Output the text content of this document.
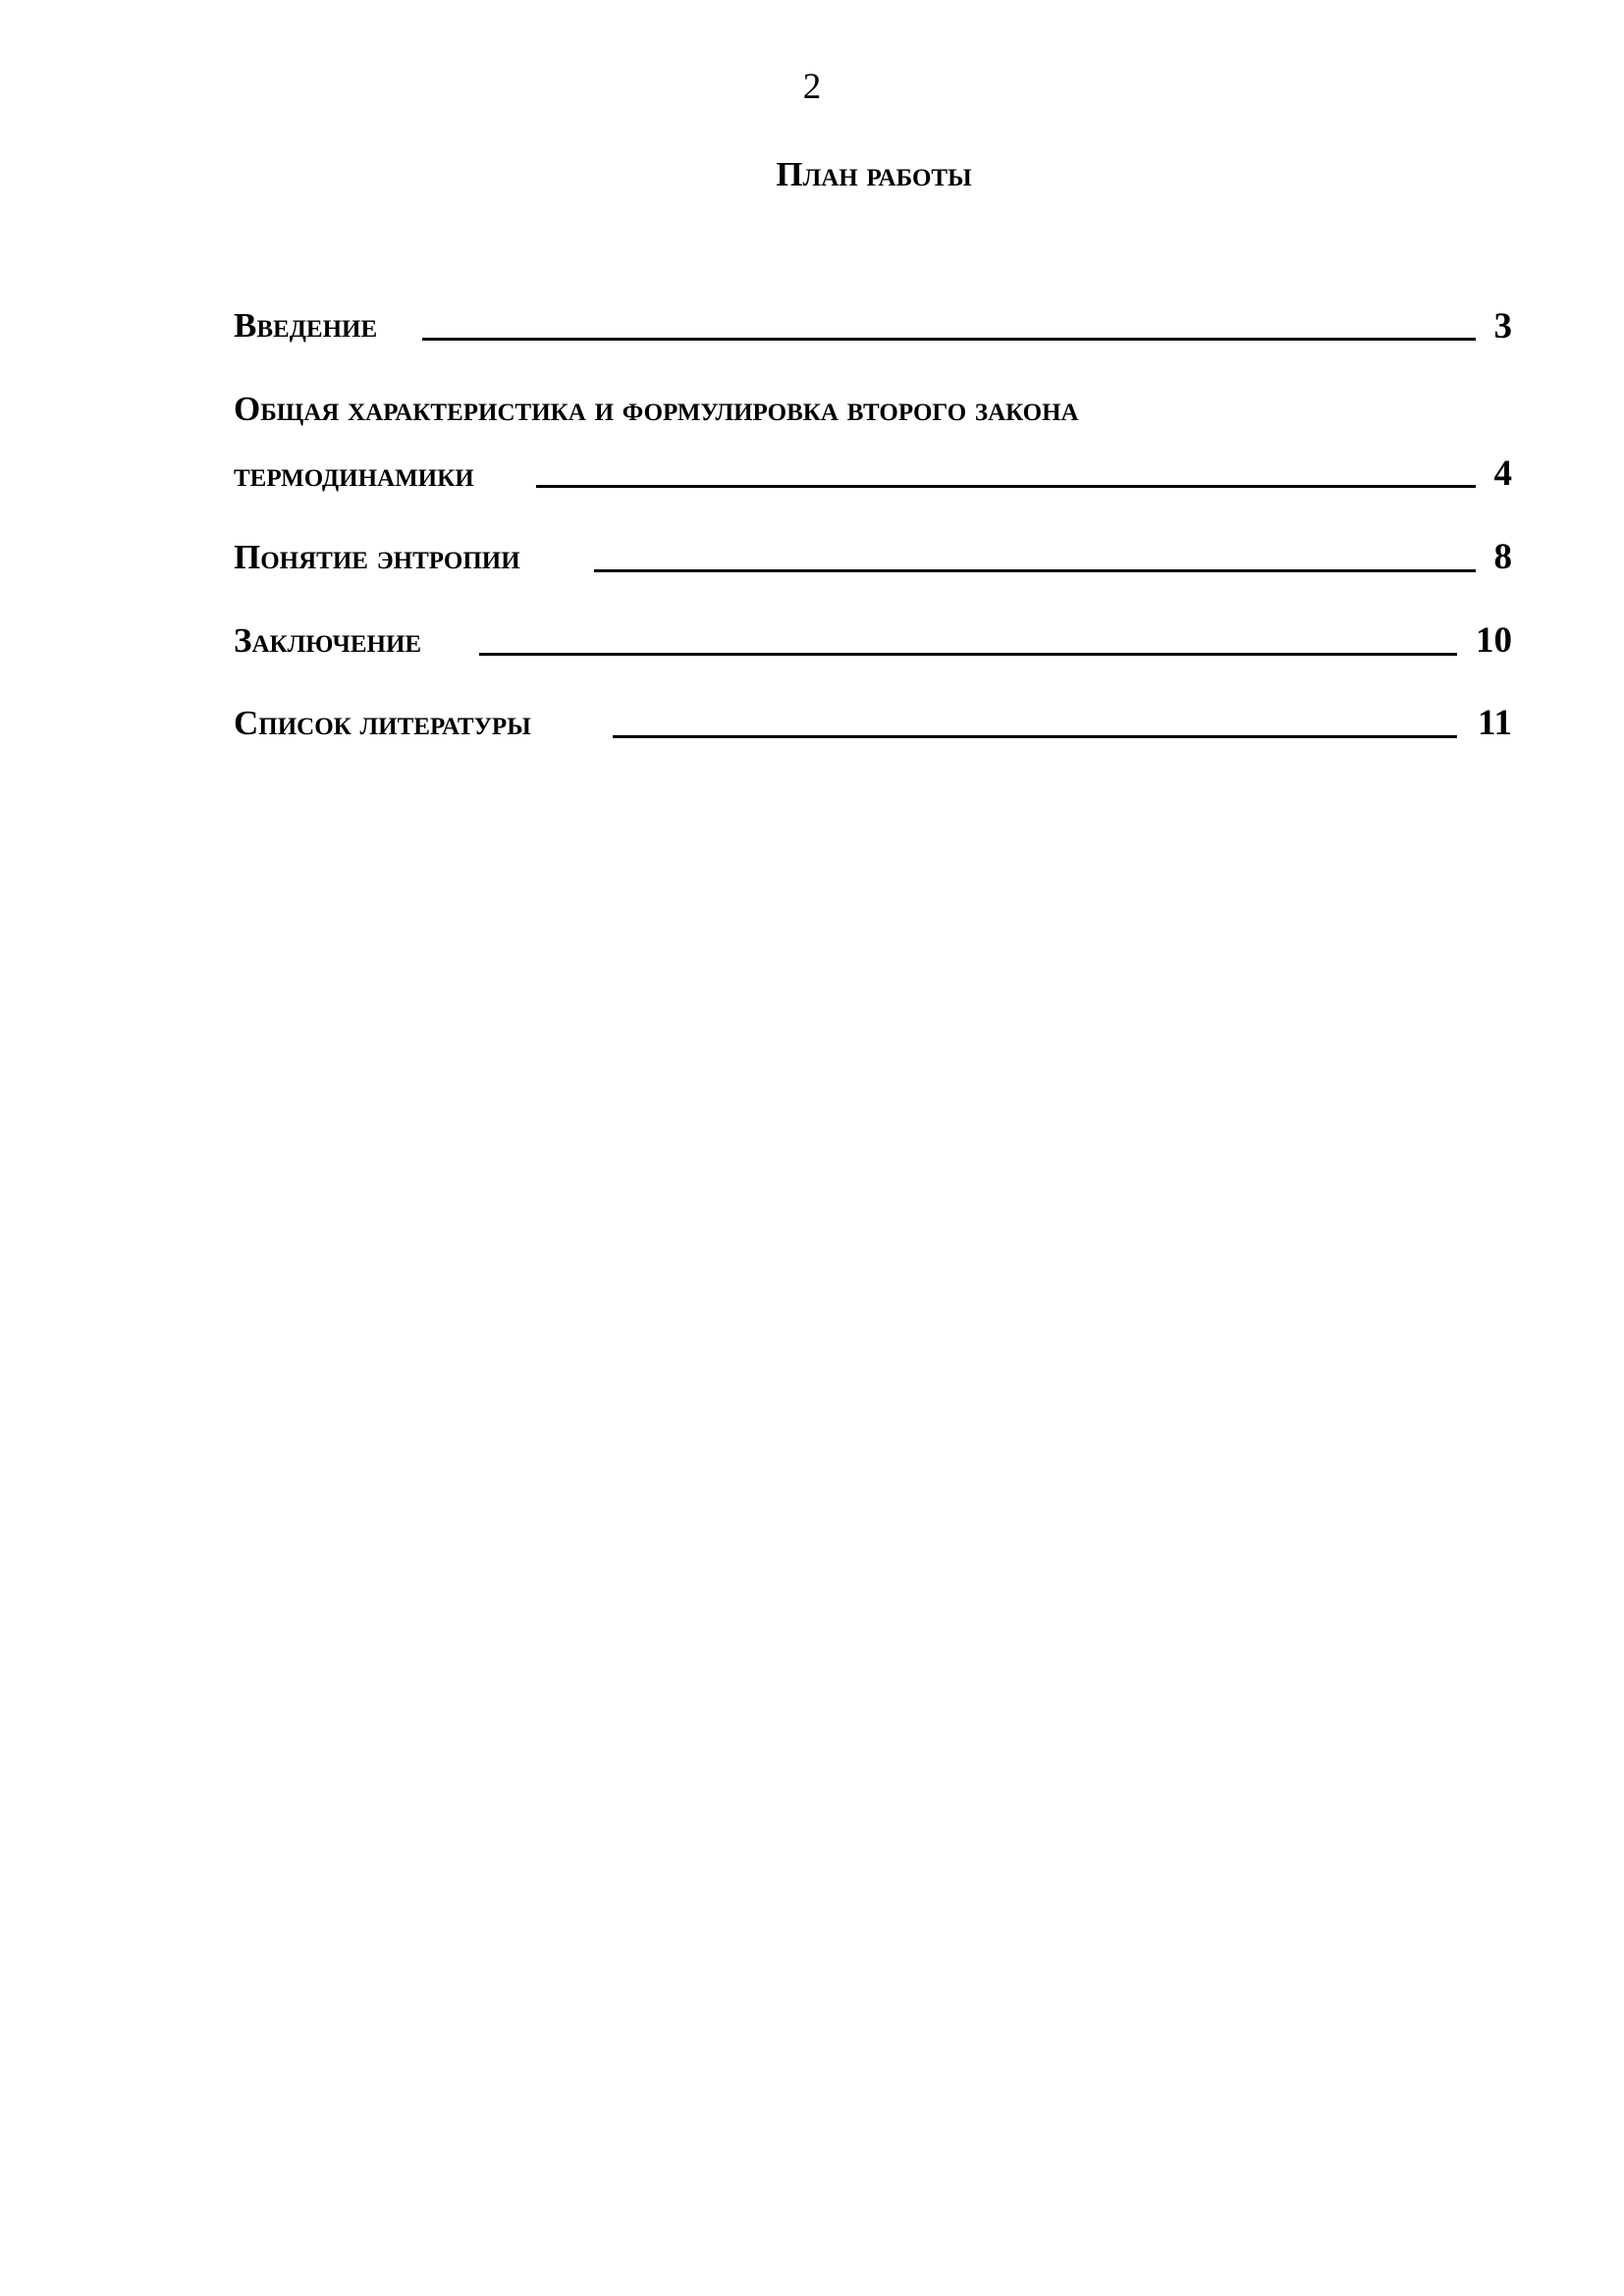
2
План работы
Введение	3
Общая характеристика и формулировка второго закона
термодинамики	4
Понятие энтропии	8
Заключение	10
Список литературы	11
